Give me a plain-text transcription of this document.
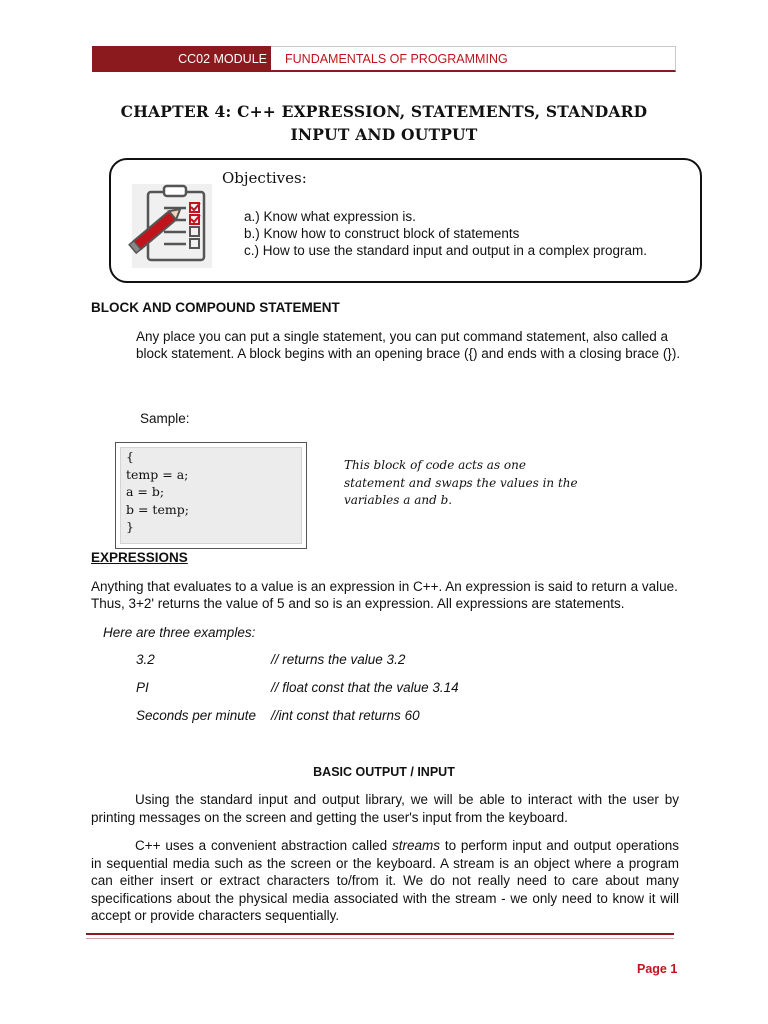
CC02 MODULE FUNDAMENTALS OF PROGRAMMING
CHAPTER 4: C++ EXPRESSION, STATEMENTS, STANDARD
INPUT AND OUTPUT
Objectives:
a.) Know what expression is.
b.) Know how to construct block of statements
c.) How to use the standard input and output in a complex program.
BLOCK AND COMPOUND STATEMENT
Any place you can put a single statement, you can put command statement, also called a block statement. A block begins with an opening brace ({) and ends with a closing brace (}).
Sample:
{
temp = a;
a = b;
b = temp;
}
This block of code acts as one statement and swaps the values in the variables a and b.
EXPRESSIONS
Anything that evaluates to a value is an expression in C++. An expression is said to return a value. Thus, 3+2' returns the value of 5 and so is an expression. All expressions are statements.
Here are three examples:
3.2	// returns the value 3.2
PI	// float const that the value 3.14
Seconds per minute //int const that returns 60
BASIC OUTPUT / INPUT
Using the standard input and output library, we will be able to interact with the user by printing messages on the screen and getting the user's input from the keyboard.
C++ uses a convenient abstraction called streams to perform input and output operations in sequential media such as the screen or the keyboard. A stream is an object where a program can either insert or extract characters to/from it. We do not really need to care about many specifications about the physical media associated with the stream - we only need to know it will accept or provide characters sequentially.
Page 1
